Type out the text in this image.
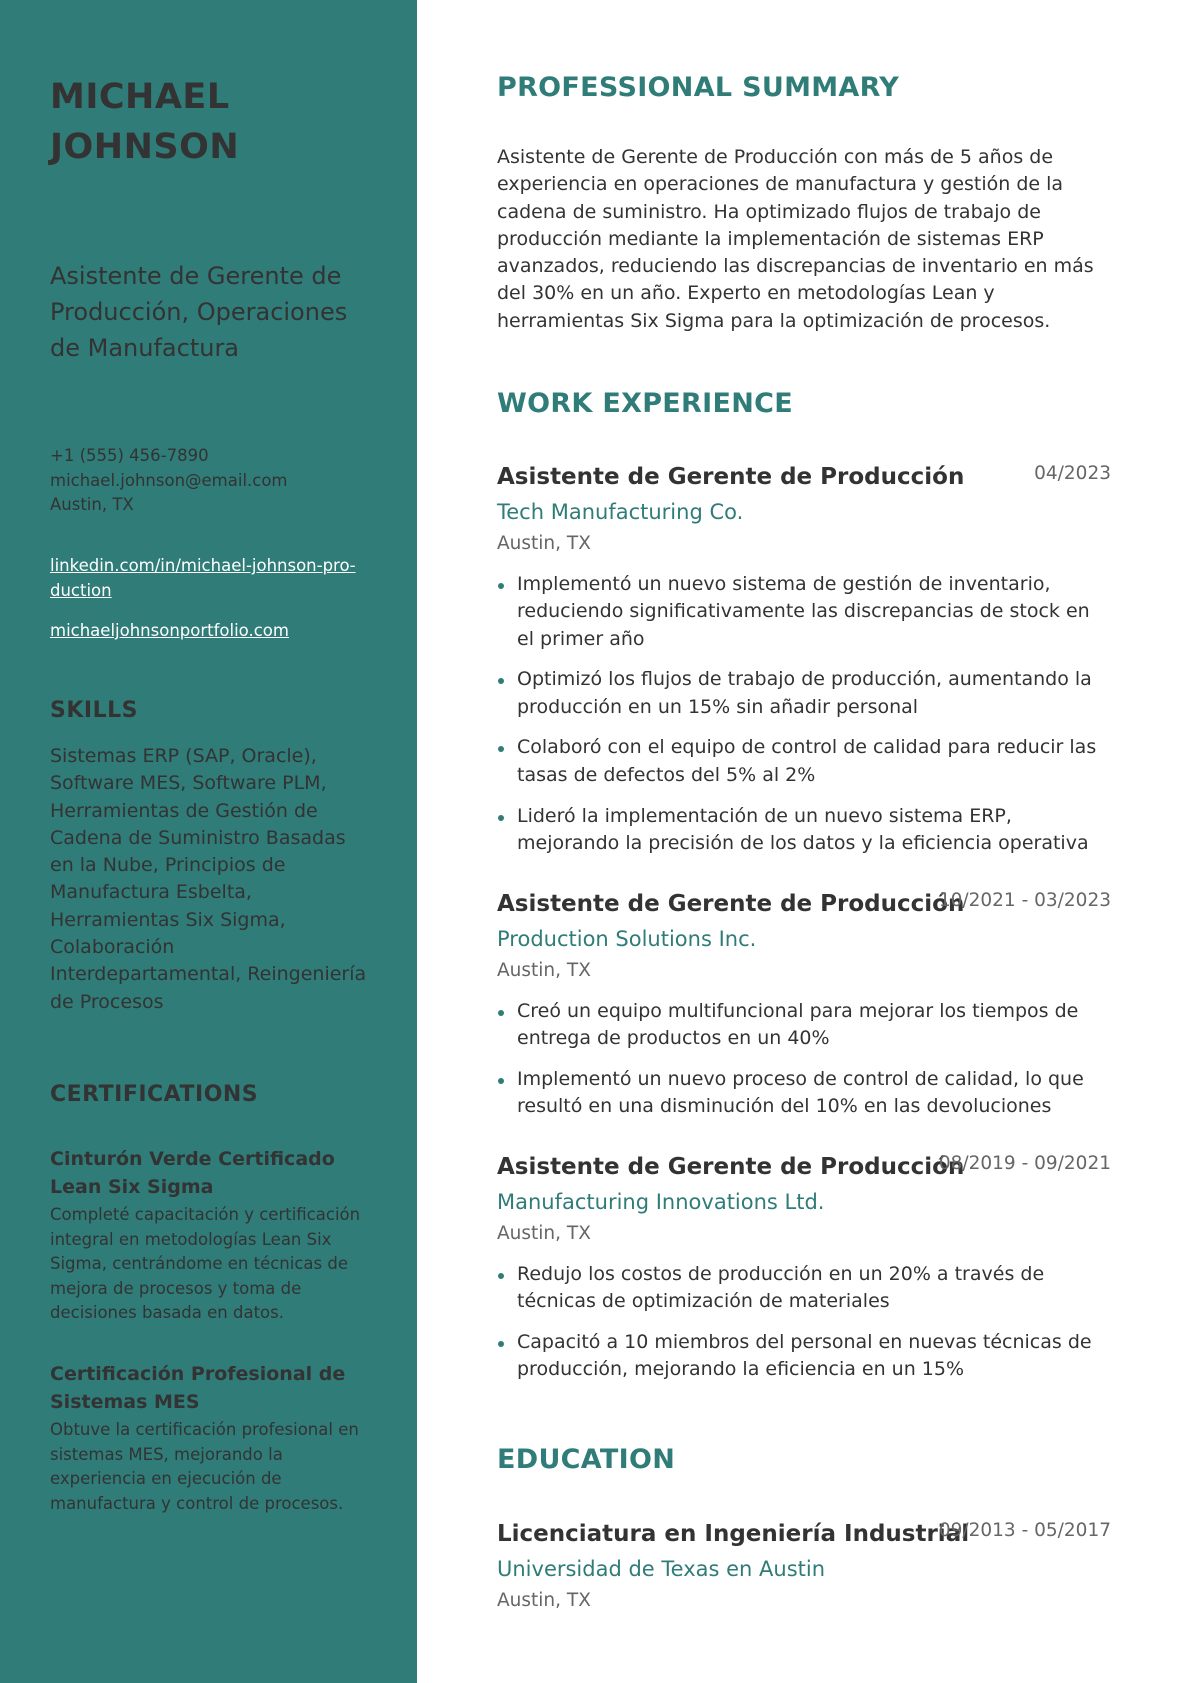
MICHAEL JOHNSON
Asistente de Gerente de Producción, Operaciones de Manufactura
+1 (555) 456-7890
michael.johnson@email.com
Austin, TX
linkedin.com/in/michael-johnson-production
michaeljohnsonportfolio.com
SKILLS
Sistemas ERP (SAP, Oracle), Software MES, Software PLM, Herramientas de Gestión de Cadena de Suministro Basadas en la Nube, Principios de Manufactura Esbelta, Herramientas Six Sigma, Colaboración Interdepartamental, Reingeniería de Procesos
CERTIFICATIONS
Cinturón Verde Certificado Lean Six Sigma
Completé capacitación y certificación integral en metodologías Lean Six Sigma, centrándome en técnicas de mejora de procesos y toma de decisiones basada en datos.
Certificación Profesional de Sistemas MES
Obtuve la certificación profesional en sistemas MES, mejorando la experiencia en ejecución de manufactura y control de procesos.
PROFESSIONAL SUMMARY
Asistente de Gerente de Producción con más de 5 años de experiencia en operaciones de manufactura y gestión de la cadena de suministro. Ha optimizado flujos de trabajo de producción mediante la implementación de sistemas ERP avanzados, reduciendo las discrepancias de inventario en más del 30% en un año. Experto en metodologías Lean y herramientas Six Sigma para la optimización de procesos.
WORK EXPERIENCE
Asistente de Gerente de Producción	04/2023
Tech Manufacturing Co.
Austin, TX
Implementó un nuevo sistema de gestión de inventario, reduciendo significativamente las discrepancias de stock en el primer año
Optimizó los flujos de trabajo de producción, aumentando la producción en un 15% sin añadir personal
Colaboró con el equipo de control de calidad para reducir las tasas de defectos del 5% al 2%
Lideró la implementación de un nuevo sistema ERP, mejorando la precisión de los datos y la eficiencia operativa
Asistente de Gerente de Producción
10/2021 - 03/2023
Production Solutions Inc.
Austin, TX
Creó un equipo multifuncional para mejorar los tiempos de entrega de productos en un 40%
Implementó un nuevo proceso de control de calidad, lo que resultó en una disminución del 10% en las devoluciones
Asistente de Gerente de Producción
08/2019 - 09/2021
Manufacturing Innovations Ltd.
Austin, TX
Redujo los costos de producción en un 20% a través de técnicas de optimización de materiales
Capacitó a 10 miembros del personal en nuevas técnicas de producción, mejorando la eficiencia en un 15%
EDUCATION
Licenciatura en Ingeniería Industrial
09/2013 - 05/2017
Universidad de Texas en Austin
Austin, TX
